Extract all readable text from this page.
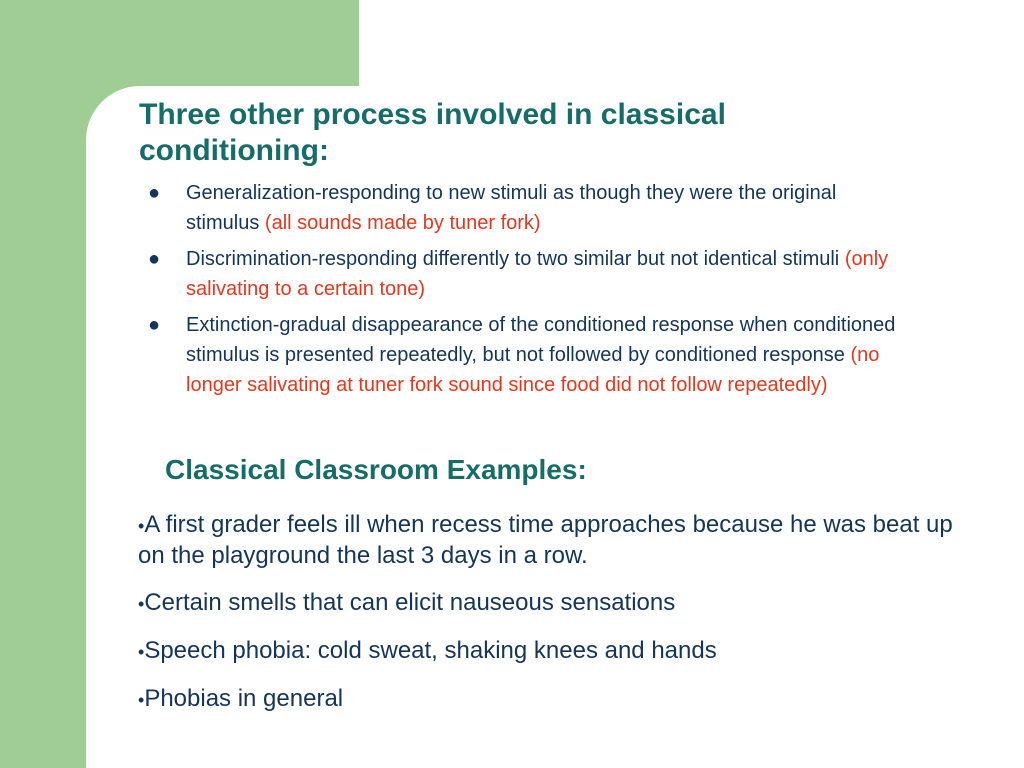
Three other process involved in classical conditioning:
● Generalization-responding to new stimuli as though they were the original stimulus (all sounds made by tuner fork)
● Discrimination-responding differently to two similar but not identical stimuli (only salivating to a certain tone)
● Extinction-gradual disappearance of the conditioned response when conditioned stimulus is presented repeatedly, but not followed by conditioned response (no longer salivating at tuner fork sound since food did not follow repeatedly)
Classical Classroom Examples:
•A first grader feels ill when recess time approaches because he was beat up on the playground the last 3 days in a row.
•Certain smells that can elicit nauseous sensations
•Speech phobia: cold sweat, shaking knees and hands
•Phobias in general
